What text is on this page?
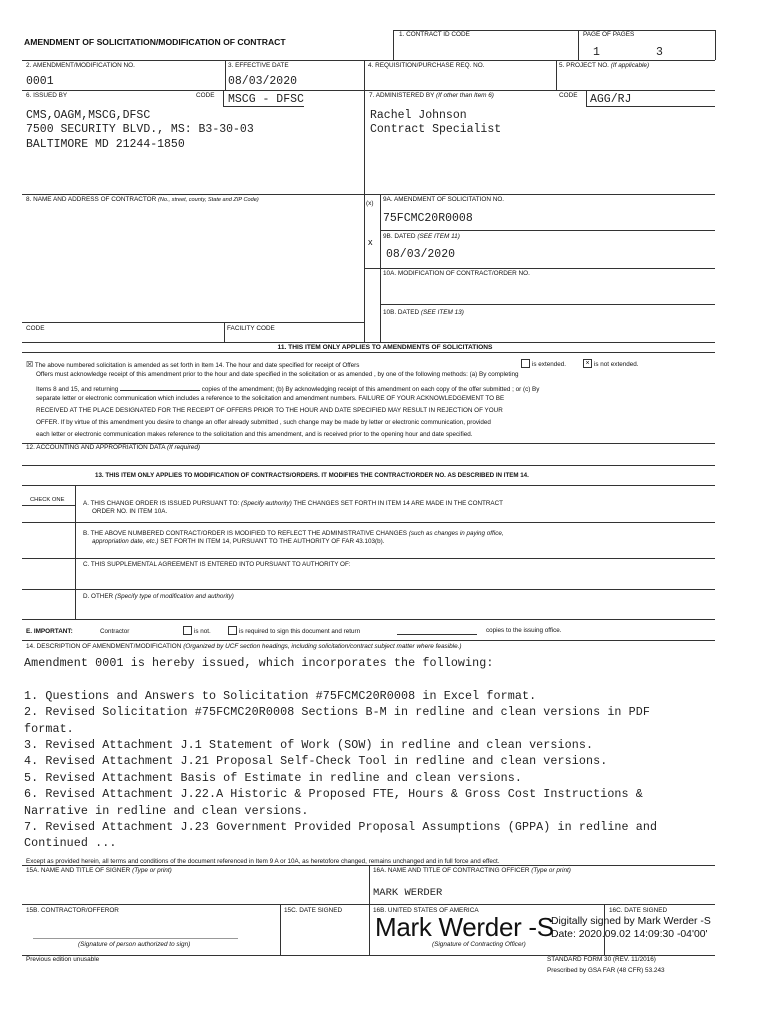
AMENDMENT OF SOLICITATION/MODIFICATION OF CONTRACT
1. CONTRACT ID CODE	PAGE OF PAGES
1	3
2. AMENDMENT/MODIFICATION NO.
0001
3. EFFECTIVE DATE
08/03/2020
4. REQUISITION/PURCHASE REQ. NO.	5. PROJECT NO. (If applicable)
6. ISSUED BY	CODE MSCG - DFSC
CMS,OAGM,MSCG,DFSC
7500 SECURITY BLVD., MS: B3-30-03
BALTIMORE MD 21244-1850
7. ADMINISTERED BY (If other than Item 6)	CODE AGG/RJ
Rachel Johnson
Contract Specialist
8. NAME AND ADDRESS OF CONTRACTOR (No., street, county, State and ZIP Code)	(x)
9A. AMENDMENT OF SOLICITATION NO.
75FCMC20R0008
x
9B. DATED (SEE ITEM 11)
08/03/2020
10A. MODIFICATION OF CONTRACT/ORDER NO.
10B. DATED (SEE ITEM 13)
CODE	FACILITY CODE
11. THIS ITEM ONLY APPLIES TO AMENDMENTS OF SOLICITATIONS
☒ The above numbered solicitation is amended as set forth in Item 14. The hour and date specified for receipt of Offers	is extended.	× is not extended.
Offers must acknowledge receipt of this amendment prior to the hour and date specified in the solicitation or as amended , by one of the following methods: (a) By completing
Items 8 and 15, and returning	copies of the amendment; (b) By acknowledging receipt of this amendment on each copy of the offer submitted ; or (c) By
separate letter or electronic communication which includes a reference to the solicitation and amendment numbers. FAILURE OF YOUR ACKNOWLEDGEMENT TO BE
RECEIVED AT THE PLACE DESIGNATED FOR THE RECEIPT OF OFFERS PRIOR TO THE HOUR AND DATE SPECIFIED MAY RESULT IN REJECTION OF YOUR
OFFER. If by virtue of this amendment you desire to change an offer already submitted , such change may be made by letter or electronic communication, provided
each letter or electronic communication makes reference to the solicitation and this amendment, and is received prior to the opening hour and date specified.
12. ACCOUNTING AND APPROPRIATION DATA (If required)
13. THIS ITEM ONLY APPLIES TO MODIFICATION OF CONTRACTS/ORDERS. IT MODIFIES THE CONTRACT/ORDER NO. AS DESCRIBED IN ITEM 14.
CHECK ONE	A. THIS CHANGE ORDER IS ISSUED PURSUANT TO: (Specify authority) THE CHANGES SET FORTH IN ITEM 14 ARE MADE IN THE CONTRACT
ORDER NO. IN ITEM 10A.
B. THE ABOVE NUMBERED CONTRACT/ORDER IS MODIFIED TO REFLECT THE ADMINISTRATIVE CHANGES (such as changes in paying office,
appropriation date, etc.) SET FORTH IN ITEM 14, PURSUANT TO THE AUTHORITY OF FAR 43.103(b).
C. THIS SUPPLEMENTAL AGREEMENT IS ENTERED INTO PURSUANT TO AUTHORITY OF:
D. OTHER (Specify type of modification and authority)
E. IMPORTANT:	Contractor	is not.	is required to sign this document and return	copies to the issuing office.
14. DESCRIPTION OF AMENDMENT/MODIFICATION (Organized by UCF section headings, including solicitation/contract subject matter where feasible.)
Amendment 0001 is hereby issued, which incorporates the following:
1. Questions and Answers to Solicitation #75FCMC20R0008 in Excel format.
2. Revised Solicitation #75FCMC20R0008 Sections B-M in redline and clean versions in PDF
format.
3. Revised Attachment J.1 Statement of Work (SOW) in redline and clean versions.
4. Revised Attachment J.21 Proposal Self-Check Tool in redline and clean versions.
5. Revised Attachment Basis of Estimate in redline and clean versions.
6. Revised Attachment J.22.A Historic & Proposed FTE, Hours & Gross Cost Instructions &
Narrative in redline and clean versions.
7. Revised Attachment J.23 Government Provided Proposal Assumptions (GPPA) in redline and
Continued ...
Except as provided herein, all terms and conditions of the document referenced in Item 9 A or 10A, as heretofore changed, remains unchanged and in full force and effect.
15A. NAME AND TITLE OF SIGNER (Type or print)	16A. NAME AND TITLE OF CONTRACTING OFFICER (Type or print)
MARK WERDER
15B. CONTRACTOR/OFFEROR	15C. DATE SIGNED	16B. UNITED STATES OF AMERICA	16C. DATE SIGNED
Mark Werder -S
Digitally signed by Mark Werder -S
Date: 2020.09.02 14:09:30 -04'00'
(Signature of person authorized to sign)	(Signature of Contracting Officer)
Previous edition unusable	STANDARD FORM 30 (REV. 11/2016)
Prescribed by GSA FAR (48 CFR) 53.243
